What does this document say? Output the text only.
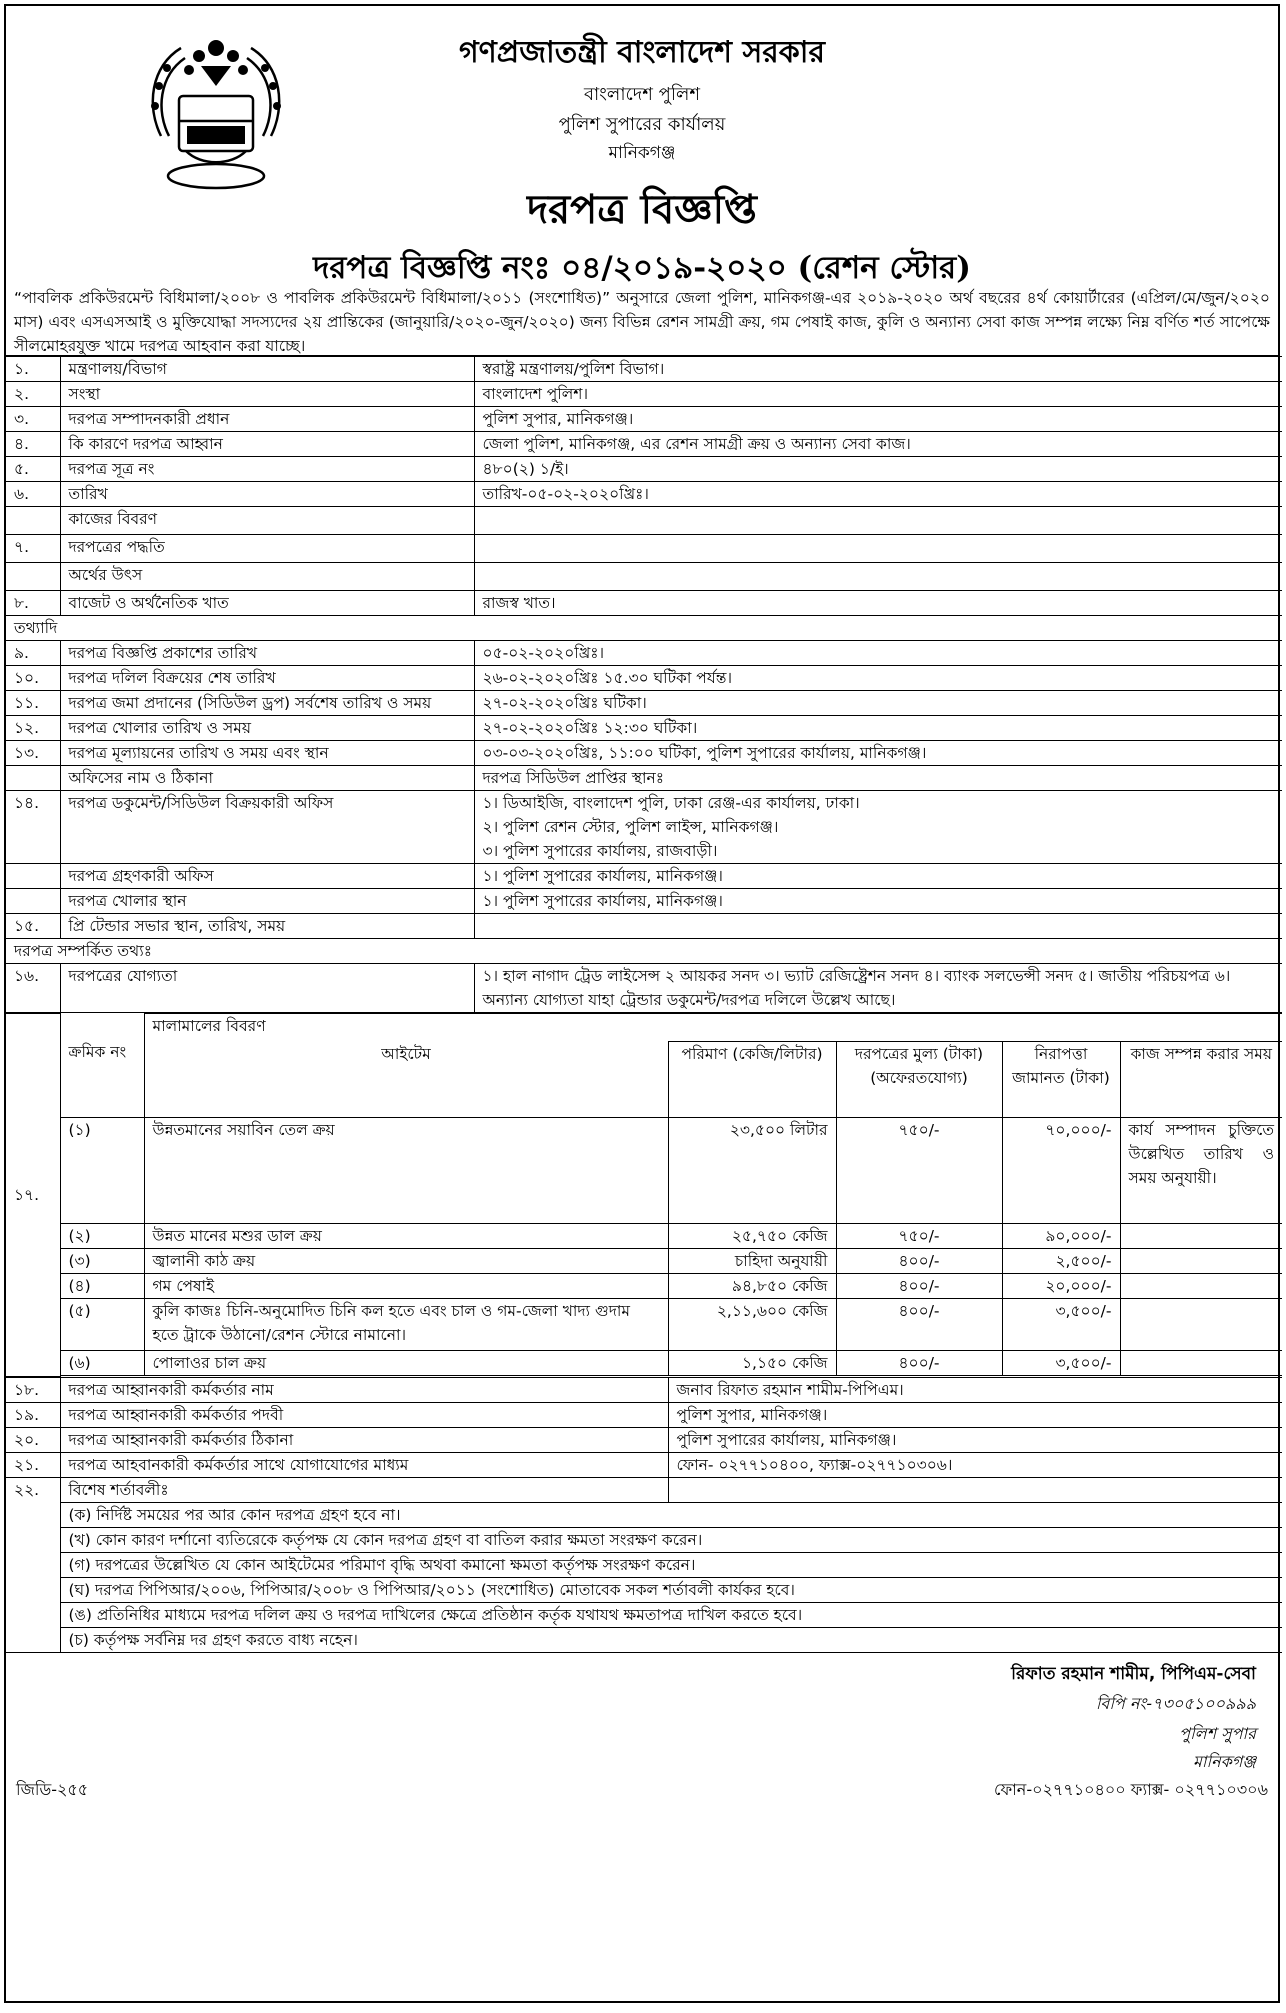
গণপ্রজাতন্ত্রী বাংলাদেশ সরকার
বাংলাদেশ পুলিশ
পুলিশ সুপারের কার্যালয়
মানিকগঞ্জ
দরপত্র বিজ্ঞপ্তি
দরপত্র বিজ্ঞপ্তি নংঃ ০৪/২০১৯-২০২০ (রেশন স্টোর)
“পাবলিক প্রকিউরমেন্ট বিধিমালা/২০০৮ ও পাবলিক প্রকিউরমেন্ট বিধিমালা/২০১১ (সংশোধিত)” অনুসারে জেলা পুলিশ, মানিকগঞ্জ-এর ২০১৯-২০২০ অর্থ বছরের ৪র্থ কোয়ার্টারের (এপ্রিল/মে/জুন/২০২০ মাস) এবং এসএসআই ও মুক্তিযোদ্ধা সদস্যদের ২য় প্রান্তিকের (জানুয়ারি/২০২০-জুন/২০২০) জন্য বিভিন্ন রেশন সামগ্রী ক্রয়, গম পেষাই কাজ, কুলি ও অন্যান্য সেবা কাজ সম্পন্ন লক্ষ্যে নিম্ন বর্ণিত শর্ত সাপেক্ষে সীলমোহরযুক্ত খামে দরপত্র আহবান করা যাচ্ছে।
১.	মন্ত্রণালয়/বিভাগ	স্বরাষ্ট্র মন্ত্রণালয়/পুলিশ বিভাগ।
২.	সংস্থা	বাংলাদেশ পুলিশ।
৩.	দরপত্র সম্পাদনকারী প্রধান	পুলিশ সুপার, মানিকগঞ্জ।
৪.	কি কারণে দরপত্র আহ্বান	জেলা পুলিশ, মানিকগঞ্জ, এর রেশন সামগ্রী ক্রয় ও অন্যান্য সেবা কাজ।
৫.	দরপত্র সূত্র নং	৪৮০(২) ১/ই।
৬.	তারিখ	তারিখ-০৫-০২-২০২০খ্রিঃ।
	কাজের বিবরণ	
৭.	দরপত্রের পদ্ধতি	
	অর্থের উৎস	
৮.	বাজেট ও অর্থনৈতিক খাত	রাজস্ব খাত।
তথ্যাদি		
৯.	দরপত্র বিজ্ঞপ্তি প্রকাশের তারিখ	০৫-০২-২০২০খ্রিঃ।
১০.	দরপত্র দলিল বিক্রয়ের শেষ তারিখ	২৬-০২-২০২০খ্রিঃ ১৫.৩০ ঘটিকা পর্যন্ত।
১১.	দরপত্র জমা প্রদানের (সিডিউল ড্রপ) সর্বশেষ তারিখ ও সময়	২৭-০২-২০২০খ্রিঃ ঘটিকা।
১২.	দরপত্র খোলার তারিখ ও সময়	২৭-০২-২০২০খ্রিঃ ১২:৩০ ঘটিকা।
১৩.	দরপত্র মূল্যায়নের তারিখ ও সময় এবং স্থান	০৩-০৩-২০২০খ্রিঃ, ১১:০০ ঘটিকা, পুলিশ সুপারের কার্যালয়, মানিকগঞ্জ।
	অফিসের নাম ও ঠিকানা	দরপত্র সিডিউল প্রাপ্তির স্থানঃ
১৪.	দরপত্র ডকুমেন্ট/সিডিউল বিক্রয়কারী অফিস	১। ডিআইজি, বাংলাদেশ পুলি, ঢাকা রেঞ্জ-এর কার্যালয়, ঢাকা।
২। পুলিশ রেশন স্টোর, পুলিশ লাইন্স, মানিকগঞ্জ।
৩। পুলিশ সুপারের কার্যালয়, রাজবাড়ী।

	দরপত্র গ্রহণকারী অফিস	১। পুলিশ সুপারের কার্যালয়, মানিকগঞ্জ।
	দরপত্র খোলার স্থান	১। পুলিশ সুপারের কার্যালয়, মানিকগঞ্জ।
১৫.	প্রি টেন্ডার সভার স্থান, তারিখ, সময়	
দরপত্র সম্পর্কিত তথ্যঃ		
১৬.	দরপত্রের যোগ্যতা	১। হাল নাগাদ ট্রেড লাইসেন্স ২ আয়কর সনদ ৩। ভ্যাট রেজিষ্ট্রেশন সনদ ৪। ব্যাংক সলভেন্সী সনদ ৫। জাতীয় পরিচয়পত্র ৬। অন্যান্য যোগ্যতা যাহা ট্রেন্ডার ডকুমেন্ট/দরপত্র দলিলে উল্লেখ আছে।
১৭.	ক্রমিক নং	মালামালের বিবরণ				
		আইটেম	পরিমাণ (কেজি/লিটার)	দরপত্রের মুল্য (টাকা) (অফেরতযোগ্য)	নিরাপত্তা জামানত (টাকা)	কাজ সম্পন্ন করার সময়
	(১)	উন্নতমানের সয়াবিন তেল ক্রয়	২৩,৫০০ লিটার	৭৫০/-	৭০,০০০/-	কার্য সম্পাদন চুক্তিতে উল্লেখিত তারিখ ও সময় অনুযায়ী।
	(২)	উন্নত মানের মশুর ডাল ক্রয়	২৫,৭৫০ কেজি	৭৫০/-	৯০,০০০/-	
	(৩)	জ্বালানী কাঠ ক্রয়	চাহিদা অনুযায়ী	৪০০/-	২,৫০০/-	
	(৪)	গম পেষাই	৯৪,৮৫০ কেজি	৪০০/-	২০,০০০/-	
	(৫)	কুলি কাজঃ চিনি-অনুমোদিত চিনি কল হতে এবং চাল ও গম-জেলা খাদ্য গুদাম হতে ট্রাকে উঠানো/রেশন স্টোরে নামানো।	২,১১,৬০০ কেজি	৪০০/-	৩,৫০০/-	
	(৬)	পোলাওর চাল ক্রয়	১,১৫০ কেজি	৪০০/-	৩,৫০০/-	

১৮.	দরপত্র আহ্বানকারী কর্মকর্তার নাম	জনাব রিফাত রহমান শামীম-পিপিএম।
১৯.	দরপত্র আহ্বানকারী কর্মকর্তার পদবী	পুলিশ সুপার, মানিকগঞ্জ।
২০.	দরপত্র আহ্বানকারী কর্মকর্তার ঠিকানা	পুলিশ সুপারের কার্যালয়, মানিকগঞ্জ।
২১.	দরপত্র আহবানকারী কর্মকর্তার সাথে যোগাযোগের মাধ্যম	ফোন- ০২৭৭১০৪০০, ফ্যাক্স-০২৭৭১০৩০৬।
২২.	বিশেষ শর্তাবলীঃ	
	(ক) নির্দিষ্ট সময়ের পর আর কোন দরপত্র গ্রহণ হবে না।	
	(খ) কোন কারণ দর্শানো ব্যতিরেকে কর্তৃপক্ষ যে কোন দরপত্র গ্রহণ বা বাতিল করার ক্ষমতা সংরক্ষণ করেন।	
	(গ) দরপত্রের উল্লেখিত যে কোন আইটেমের পরিমাণ বৃদ্ধি অথবা কমানো ক্ষমতা কর্তৃপক্ষ সংরক্ষণ করেন।	
	(ঘ) দরপত্র পিপিআর/২০০৬, পিপিআর/২০০৮ ও পিপিআর/২০১১ (সংশোধিত) মোতাবেক সকল শর্তাবলী কার্যকর হবে।	
	(ঙ) প্রতিনিধির মাধ্যমে দরপত্র দলিল ক্রয় ও দরপত্র দাখিলের ক্ষেত্রে প্রতিষ্ঠান কর্তৃক যথাযথ ক্ষমতাপত্র দাখিল করতে হবে।	
	(চ) কর্তৃপক্ষ সর্বনিম্ন দর গ্রহণ করতে বাধ্য নহেন।	
রিফাত রহমান শামীম, পিপিএম-সেবা
বিপি নং-৭৩০৫১০০৯৯৯
পুলিশ সুপার
মানিকগঞ্জ
ফোন-০২৭৭১০৪০০ ফ্যাক্স- ০২৭৭১০৩০৬
জিডি-২৫৫
